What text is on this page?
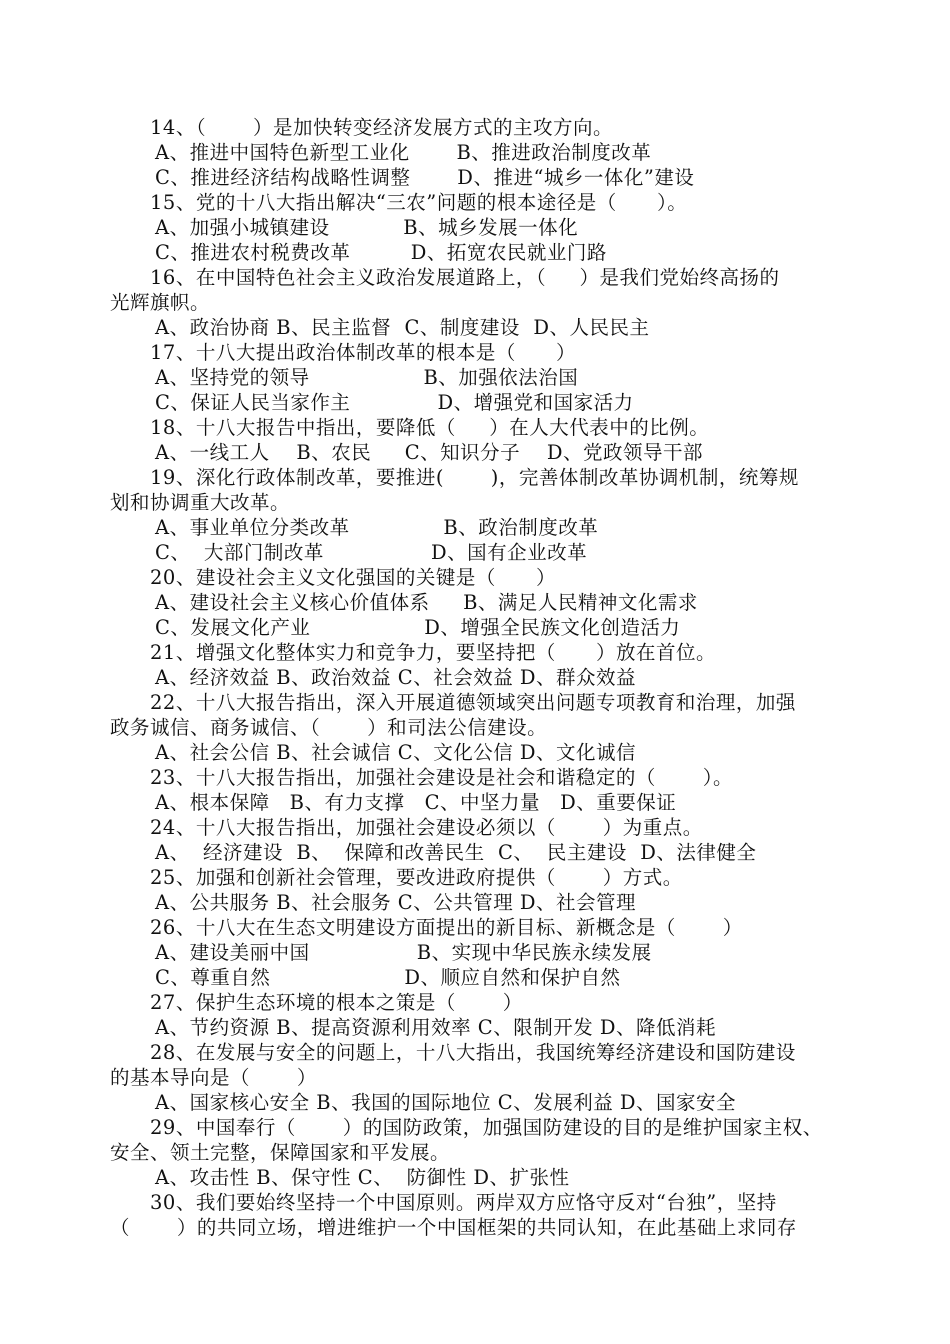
14、（       ）是加快转变经济发展方式的主攻方向。
A、推进中国特色新型工业化       B、推进政治制度改革
C、推进经济结构战略性调整       D、推进“城乡一体化”建设
15、党的十八大指出解决“三农”问题的根本途径是（      ）。
A、加强小城镇建设           B、城乡发展一体化
C、推进农村税费改革         D、拓宽农民就业门路
16、在中国特色社会主义政治发展道路上，（     ）是我们党始终高扬的
光辉旗帜。
A、政治协商 B、民主监督  C、制度建设  D、人民民主
17、十八大提出政治体制改革的根本是（      ）
A、坚持党的领导                 B、加强依法治国
C、保证人民当家作主             D、增强党和国家活力
18、十八大报告中指出，要降低（     ）在人大代表中的比例。
A、一线工人    B、农民     C、知识分子    D、党政领导干部
19、深化行政体制改革，要推进(       )，完善体制改革协调机制，统筹规
划和协调重大改革。
A、事业单位分类改革              B、政治制度改革
C、  大部门制改革                D、国有企业改革
20、建设社会主义文化强国的关键是（      ）
A、建设社会主义核心价值体系     B、满足人民精神文化需求
C、发展文化产业                 D、增强全民族文化创造活力
21、增强文化整体实力和竞争力，要坚持把（      ）放在首位。
A、经济效益 B、政治效益 C、社会效益 D、群众效益
22、十八大报告指出，深入开展道德领域突出问题专项教育和治理，加强
政务诚信、商务诚信、（       ）和司法公信建设。
A、社会公信 B、社会诚信 C、文化公信 D、文化诚信
23、十八大报告指出，加强社会建设是社会和谐稳定的（       ）。
A、根本保障   B、有力支撑   C、中坚力量   D、重要保证
24、十八大报告指出，加强社会建设必须以（       ）为重点。
A、  经济建设  B、  保障和改善民生  C、  民主建设  D、法律健全
25、加强和创新社会管理，要改进政府提供（       ）方式。
A、公共服务 B、社会服务 C、公共管理 D、社会管理
26、十八大在生态文明建设方面提出的新目标、新概念是（       ）
A、建设美丽中国                B、实现中华民族永续发展
C、尊重自然                    D、顺应自然和保护自然
27、保护生态环境的根本之策是（       ）
A、节约资源 B、提高资源利用效率 C、限制开发 D、降低消耗
28、在发展与安全的问题上，十八大指出，我国统筹经济建设和国防建设
的基本导向是（       ）
A、国家核心安全 B、我国的国际地位 C、发展利益 D、国家安全
29、中国奉行（       ）的国防政策，加强国防建设的目的是维护国家主权、
安全、领土完整，保障国家和平发展。
A、攻击性 B、保守性 C、  防御性 D、扩张性
30、我们要始终坚持一个中国原则。两岸双方应恪守反对“台独”，坚持
（       ）的共同立场，增进维护一个中国框架的共同认知，在此基础上求同存
